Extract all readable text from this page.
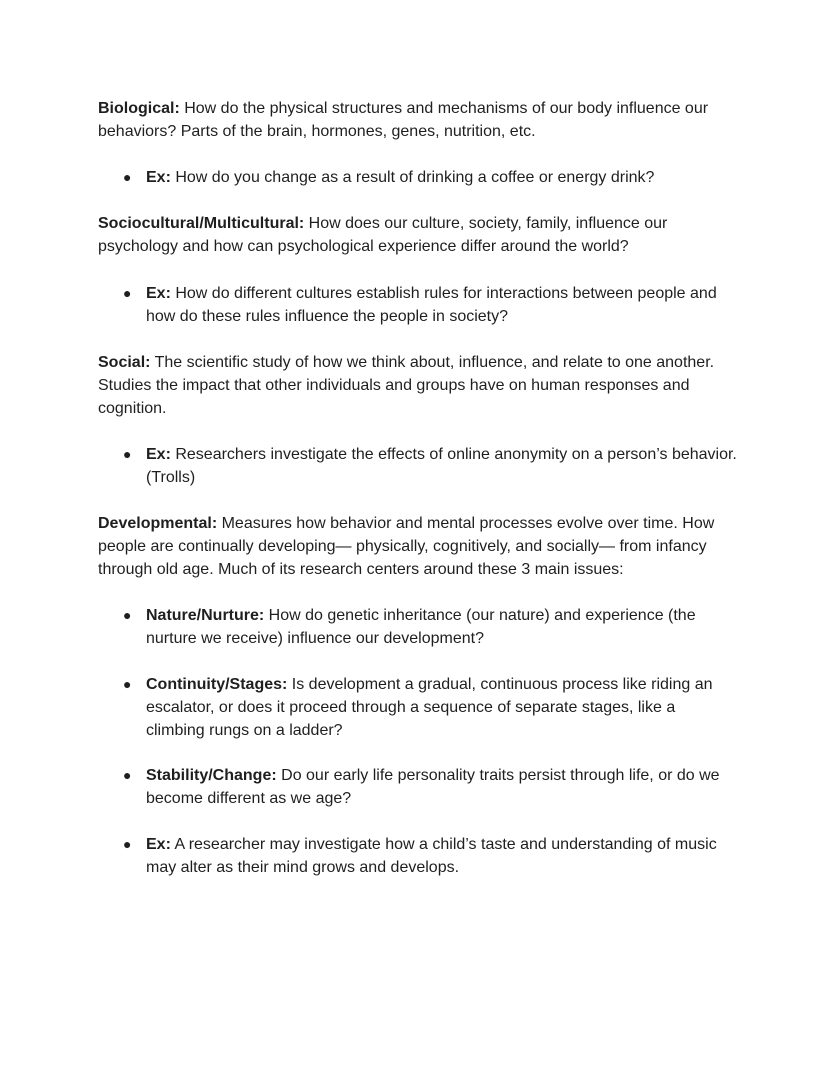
Biological: How do the physical structures and mechanisms of our body influence our behaviors? Parts of the brain, hormones, genes, nutrition, etc.

● Ex: How do you change as a result of drinking a coffee or energy drink?

Sociocultural/Multicultural: How does our culture, society, family, influence our psychology and how can psychological experience differ around the world?

● Ex: How do different cultures establish rules for interactions between people and how do these rules influence the people in society?

Social: The scientific study of how we think about, influence, and relate to one another. Studies the impact that other individuals and groups have on human responses and cognition.

● Ex: Researchers investigate the effects of online anonymity on a person’s behavior. (Trolls)

Developmental: Measures how behavior and mental processes evolve over time. How people are continually developing— physically, cognitively, and socially— from infancy through old age. Much of its research centers around these 3 main issues:

● Nature/Nurture: How do genetic inheritance (our nature) and experience (the nurture we receive) influence our development?
● Continuity/Stages: Is development a gradual, continuous process like riding an escalator, or does it proceed through a sequence of separate stages, like a climbing rungs on a ladder?
● Stability/Change: Do our early life personality traits persist through life, or do we become different as we age?
● Ex: A researcher may investigate how a child’s taste and understanding of music may alter as their mind grows and develops.
